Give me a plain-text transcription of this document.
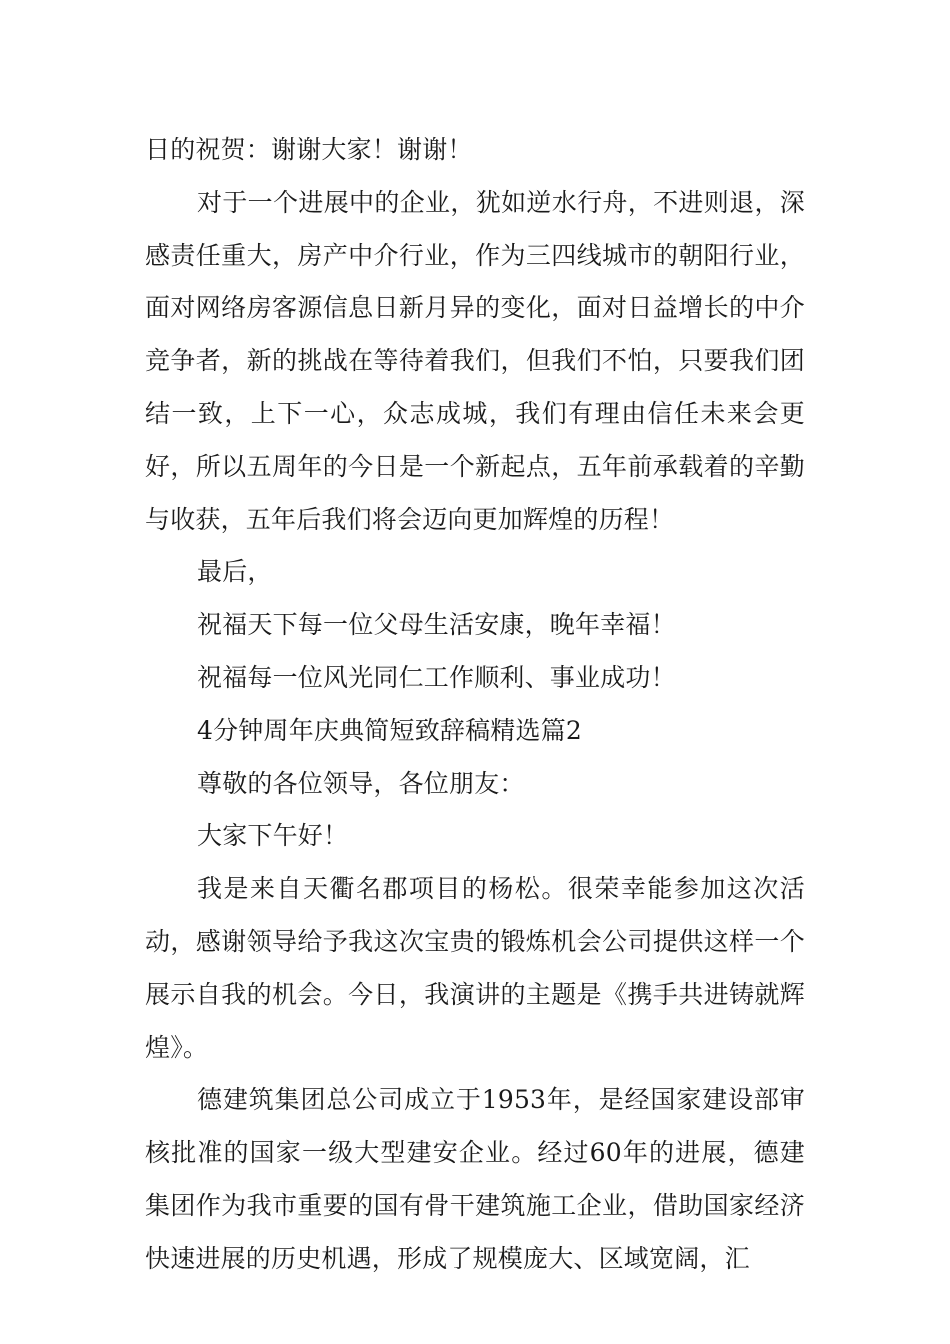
日的祝贺：谢谢大家！谢谢！

对于一个进展中的企业，犹如逆水行舟，不进则退，深感责任重大，房产中介行业，作为三四线城市的朝阳行业，面对网络房客源信息日新月异的变化，面对日益增长的中介竞争者，新的挑战在等待着我们，但我们不怕，只要我们团结一致，上下一心，众志成城，我们有理由信任未来会更好，所以五周年的今日是一个新起点，五年前承载着的辛勤与收获，五年后我们将会迈向更加辉煌的历程！

最后，

祝福天下每一位父母生活安康，晚年幸福！

祝福每一位风光同仁工作顺利、事业成功！

4分钟周年庆典简短致辞稿精选篇2

尊敬的各位领导，各位朋友：

大家下午好！

我是来自天衢名郡项目的杨松。很荣幸能参加这次活动，感谢领导给予我这次宝贵的锻炼机会公司提供这样一个展示自我的机会。今日，我演讲的主题是《携手共进铸就辉煌》。

德建筑集团总公司成立于1953年，是经国家建设部审核批准的国家一级大型建安企业。经过60年的进展，德建集团作为我市重要的国有骨干建筑施工企业，借助国家经济快速进展的历史机遇，形成了规模庞大、区域宽阔，汇
